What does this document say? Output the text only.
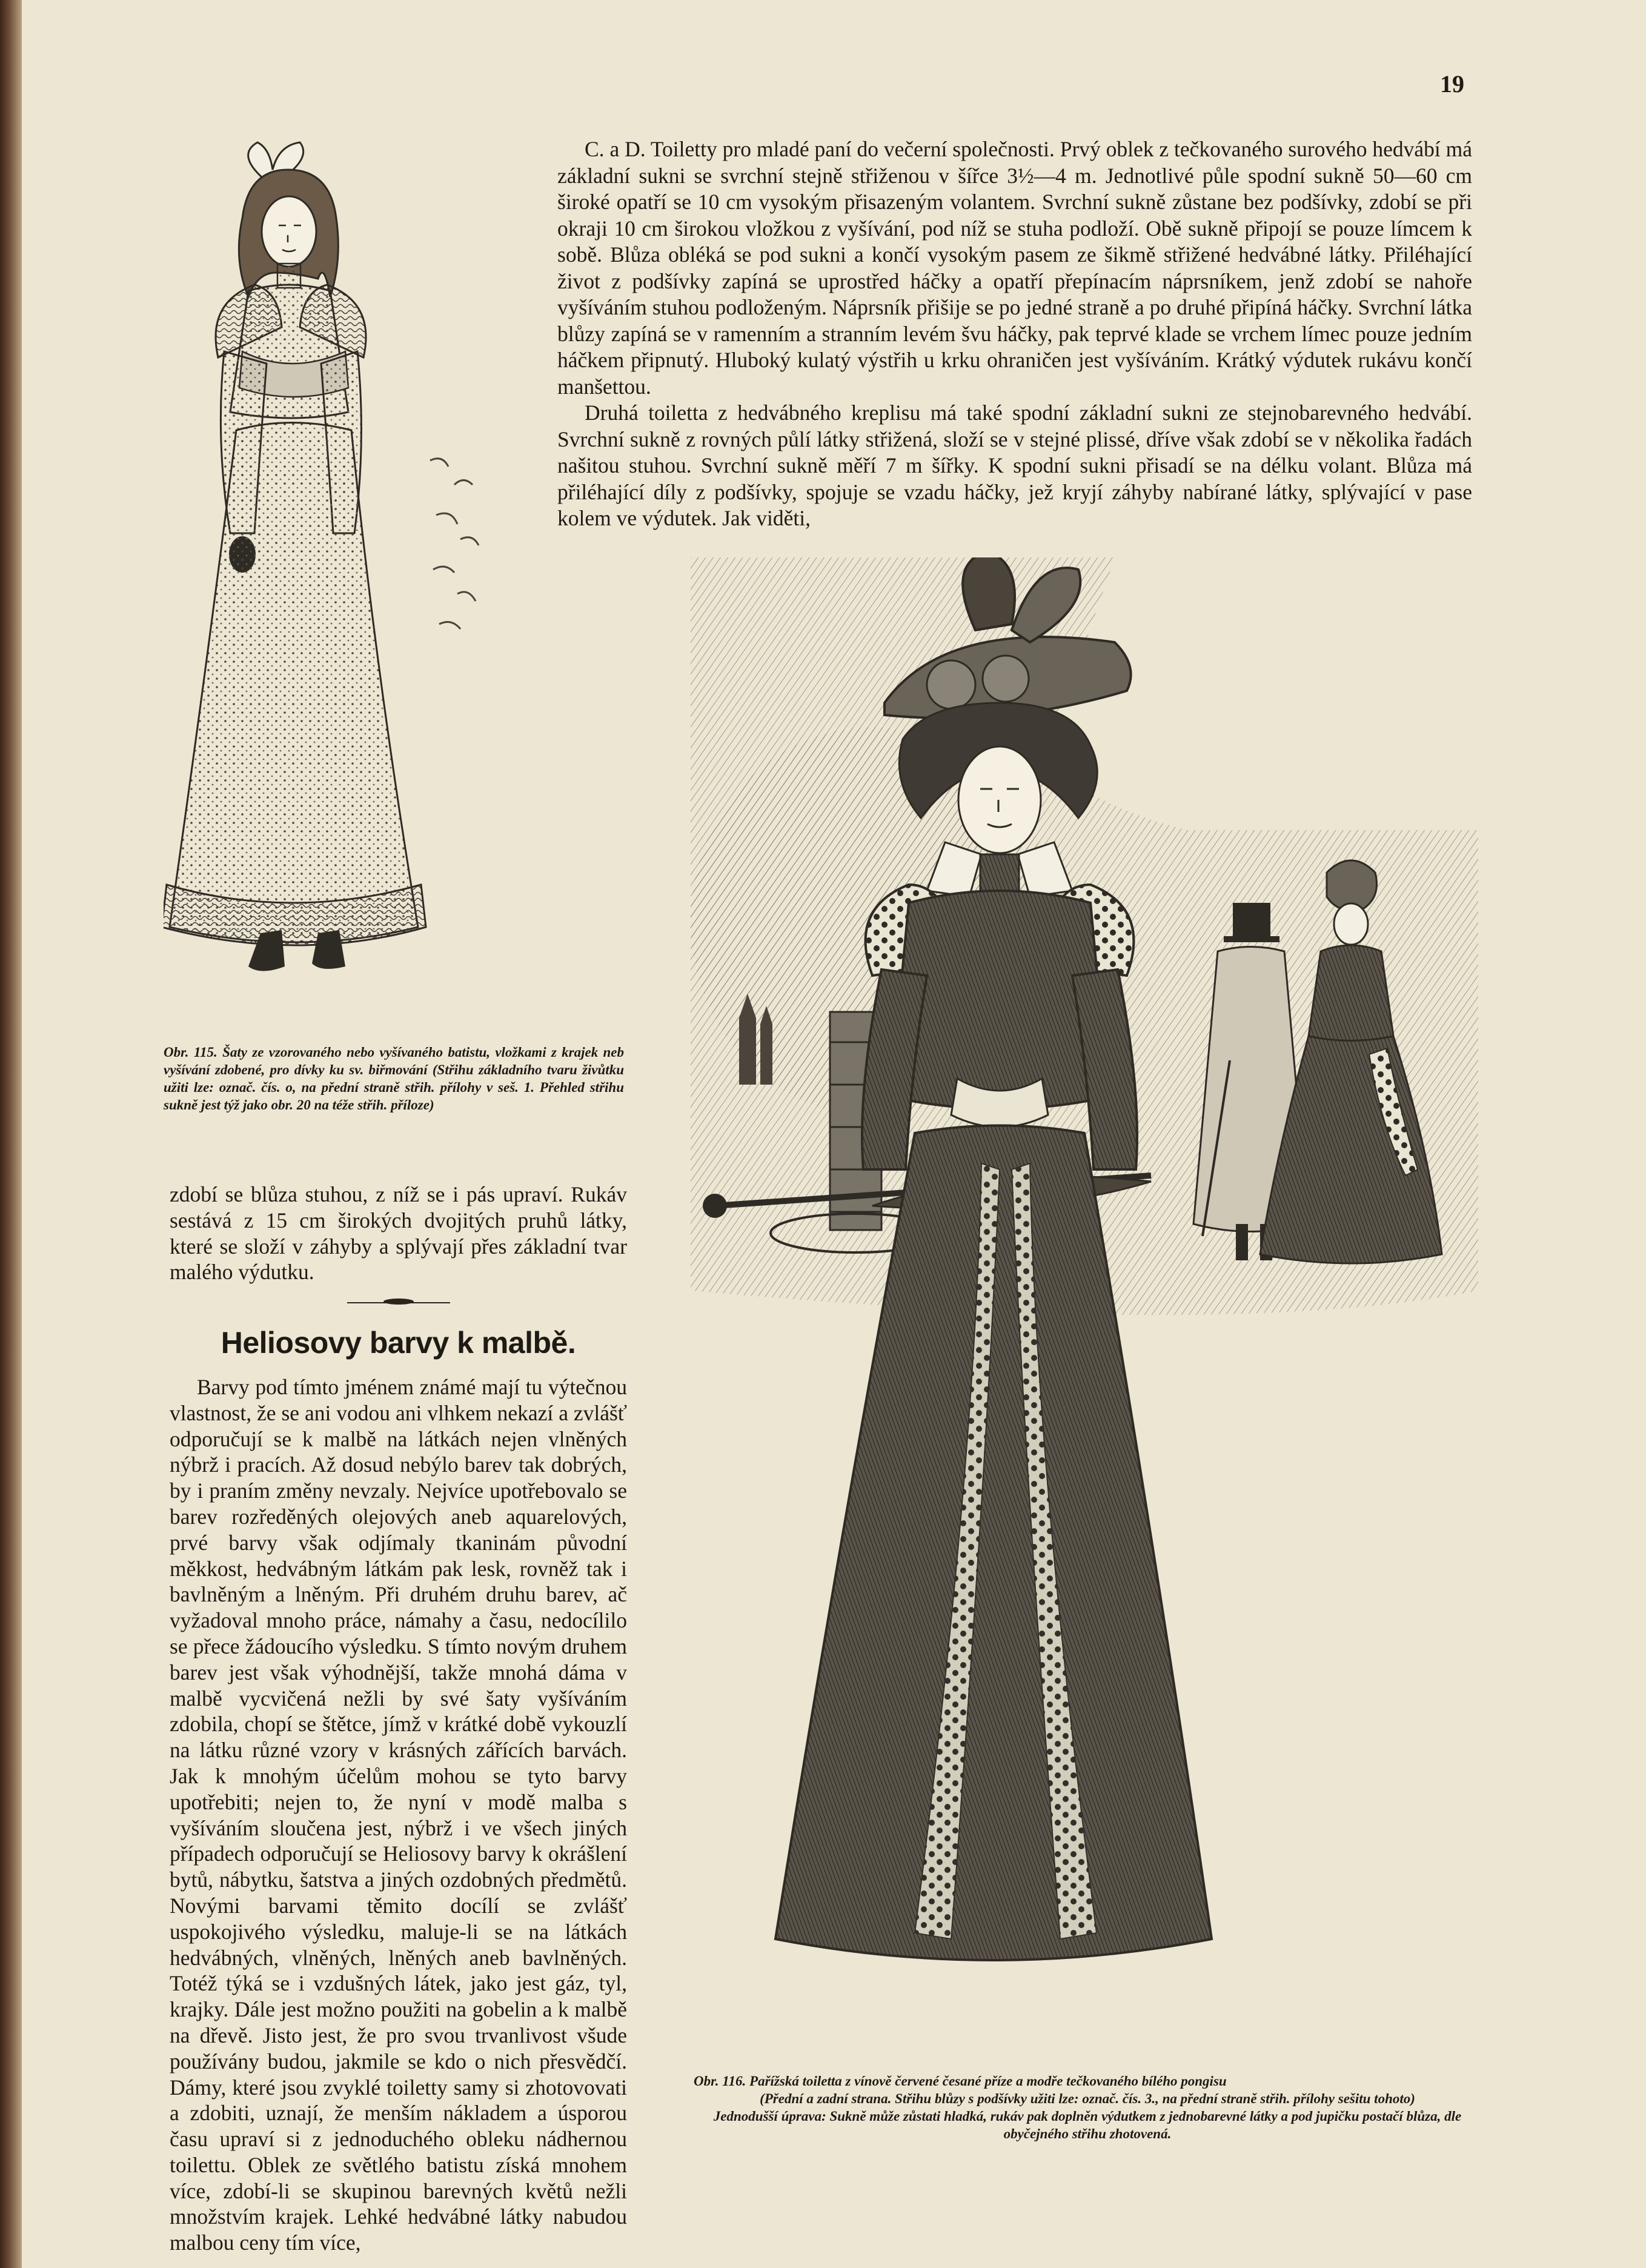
19
Obr. 115. Šaty ze vzorovaného nebo vyšívaného batistu, vložkami z krajek neb vyšívání zdobené, pro dívky ku sv. biřmování (Střihu základního tvaru živůtku užiti lze: označ. čís. o, na přední straně střih. přílohy v seš. 1. Přehled střihu sukně jest týž jako obr. 20 na téže střih. příloze)

C. a D. Toiletty pro mladé paní do večerní společnosti. Prvý oblek z tečkovaného surového hedvábí má základní sukni se svrchní stejně střiženou v šířce 3½—4 m. Jednotlivé půle spodní sukně 50—60 cm široké opatří se 10 cm vysokým přisazeným volantem. Svrchní sukně zůstane bez podšívky, zdobí se při okraji 10 cm širokou vložkou z vyšívání, pod níž se stuha podloží. Obě sukně připojí se pouze límcem k sobě. Blůza obléká se pod sukni a končí vysokým pasem ze šikmě střižené hedvábné látky. Přiléhající život z podšívky zapíná se uprostřed háčky a opatří přepínacím náprsníkem, jenž zdobí se nahoře vyšíváním stuhou podloženým. Náprsník přišije se po jedné straně a po druhé připíná háčky. Svrchní látka blůzy zapíná se v ramenním a stranním levém švu háčky, pak teprvé klade se vrchem límec pouze jedním háčkem připnutý. Hluboký kulatý výstřih u krku ohraničen jest vyšíváním. Krátký výdutek rukávu končí manšettou.

Druhá toiletta z hedvábného kreplisu má také spodní základní sukni ze stejnobarevného hedvábí. Svrchní sukně z rovných půlí látky střižená, složí se v stejné plissé, dříve však zdobí se v několika řadách našitou stuhou. Svrchní sukně měří 7 m šířky. K spodní sukni přisadí se na délku volant. Blůza má přiléhající díly z podšívky, spojuje se vzadu háčky, jež kryjí záhyby nabírané látky, splývající v pase kolem ve výdutek. Jak viděti,

zdobí se blůza stuhou, z níž se i pás upraví. Rukáv sestává z 15 cm širokých dvojitých pruhů látky, které se složí v záhyby a splývají přes základní tvar malého výdutku.

Heliosovy barvy k malbě.

Barvy pod tímto jménem známé mají tu výtečnou vlastnost, že se ani vodou ani vlhkem nekazí a zvlášť odporučují se k malbě na látkách nejen vlněných nýbrž i pracích. Až dosud nebýlo barev tak dobrých, by i praním změny nevzaly. Nejvíce upotřebovalo se barev rozředěných olejových aneb aquarelových, prvé barvy však odjímaly tkaninám původní měkkost, hedvábným látkám pak lesk, rovněž tak i bavlněným a lněným. Při druhém druhu barev, ač vyžadoval mnoho práce, námahy a času, nedocílilo se přece žádoucího výsledku. S tímto novým druhem barev jest však výhodnější, takže mnohá dáma v malbě vycvičená nežli by své šaty vyšíváním zdobila, chopí se štětce, jímž v krátké době vykouzlí na látku různé vzory v krásných zářících barvách. Jak k mnohým účelům mohou se tyto barvy upotřebiti; nejen to, že nyní v modě malba s vyšíváním sloučena jest, nýbrž i ve všech jiných případech odporučují se Heliosovy barvy k okrášlení bytů, nábytku, šatstva a jiných ozdobných předmětů. Novými barvami těmito docílí se zvlášť uspokojivého výsledku, maluje-li se na látkách hedvábných, vlněných, lněných aneb bavlněných. Totéž týká se i vzdušných látek, jako jest gáz, tyl, krajky. Dále jest možno použiti na gobelin a k malbě na dřevě. Jisto jest, že pro svou trvanlivost všude používány budou, jakmile se kdo o nich přesvědčí. Dámy, které jsou zvyklé toiletty samy si zhotovovati a zdobiti, uznají, že menším nákladem a úsporou času upraví si z jednoduchého obleku nádhernou toilettu. Oblek ze světlého batistu získá mnohem více, zdobí-li se skupinou barevných květů nežli množstvím krajek. Lehké hedvábné látky nabudou malbou ceny tím více,

Obr. 116. Pařížská toiletta z vínově červené česané příze a modře tečkovaného bílého pongisu
(Přední a zadní strana. Střihu blůzy s podšívky užiti lze: označ. čís. 3., na přední straně střih. přílohy sešitu tohoto)
Jednodušší úprava: Sukně může zůstati hladká, rukáv pak doplněn výdutkem z jednobarevné látky a pod jupičku postačí blůza, dle obyčejného střihu zhotovená.
